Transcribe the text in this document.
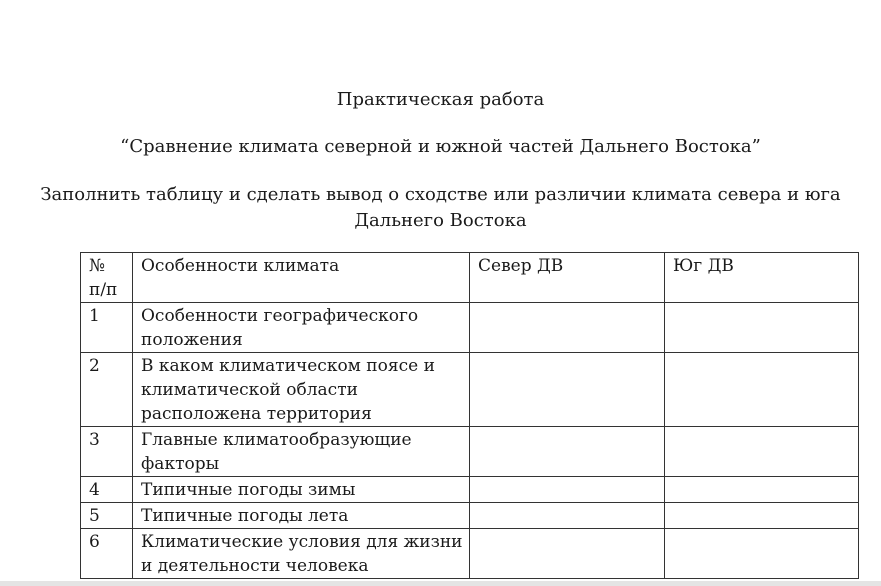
Практическая работа
“Сравнение климата северной и южной частей Дальнего Востока”
Заполнить таблицу и сделать вывод о сходстве или различии климата севера и юга
Дальнего Востока
№ п/п	Особенности климата	Север ДВ	Юг ДВ
1	Особенности географического положения		
2	В каком климатическом поясе и климатической области расположена территория		
3	Главные климатообразующие факторы		
4	Типичные погоды зимы		
5	Типичные погоды лета		
6	Климатические условия для жизни и деятельности человека		
